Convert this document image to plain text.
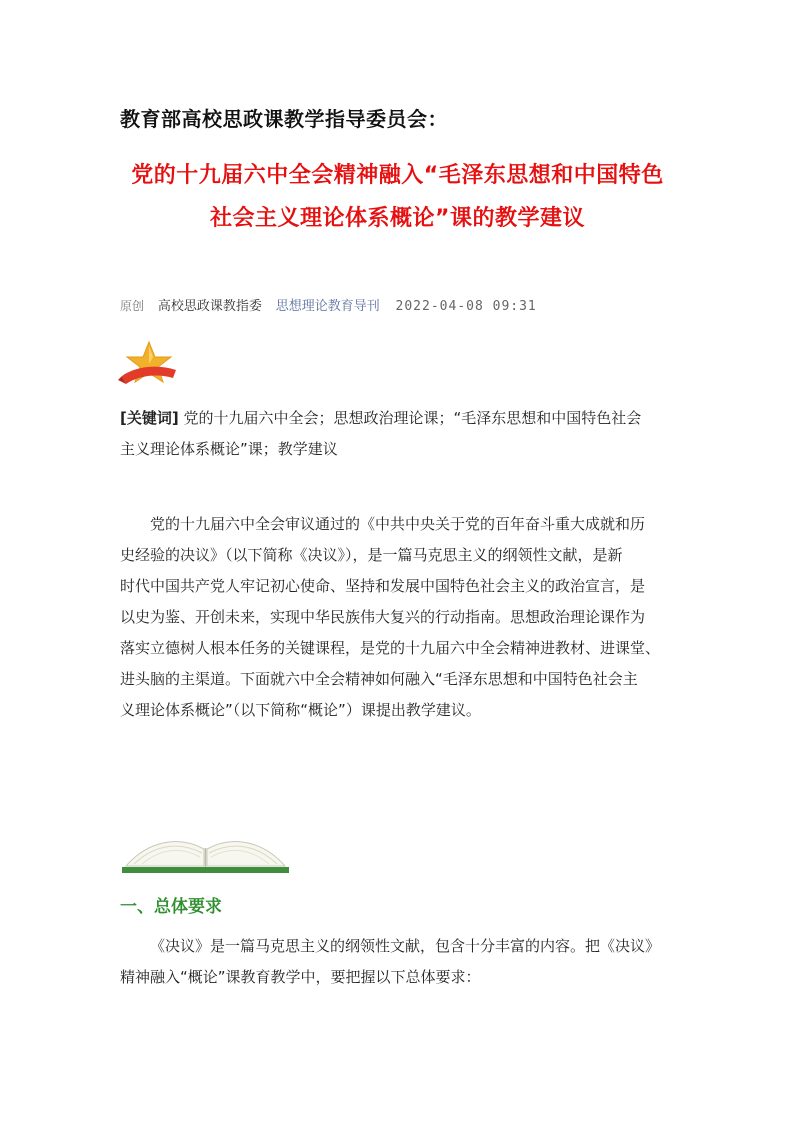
教育部高校思政课教学指导委员会：
党的十九届六中全会精神融入“毛泽东思想和中国特色
社会主义理论体系概论”课的教学建议
原创 高校思政课教指委 思想理论教育导刊 2022-04-08 09:31
[关键词] 党的十九届六中全会；思想政治理论课；“毛泽东思想和中国特色社会
主义理论体系概论”课；教学建议
党的十九届六中全会审议通过的《中共中央关于党的百年奋斗重大成就和历
史经验的决议》（以下简称《决议》），是一篇马克思主义的纲领性文献，是新
时代中国共产党人牢记初心使命、坚持和发展中国特色社会主义的政治宣言，是
以史为鉴、开创未来，实现中华民族伟大复兴的行动指南。思想政治理论课作为
落实立德树人根本任务的关键课程，是党的十九届六中全会精神进教材、进课堂、
进头脑的主渠道。下面就六中全会精神如何融入“毛泽东思想和中国特色社会主
义理论体系概论”（以下简称“概论”）课提出教学建议。
一、总体要求
《决议》是一篇马克思主义的纲领性文献，包含十分丰富的内容。把《决议》
精神融入“概论”课教育教学中，要把握以下总体要求：
